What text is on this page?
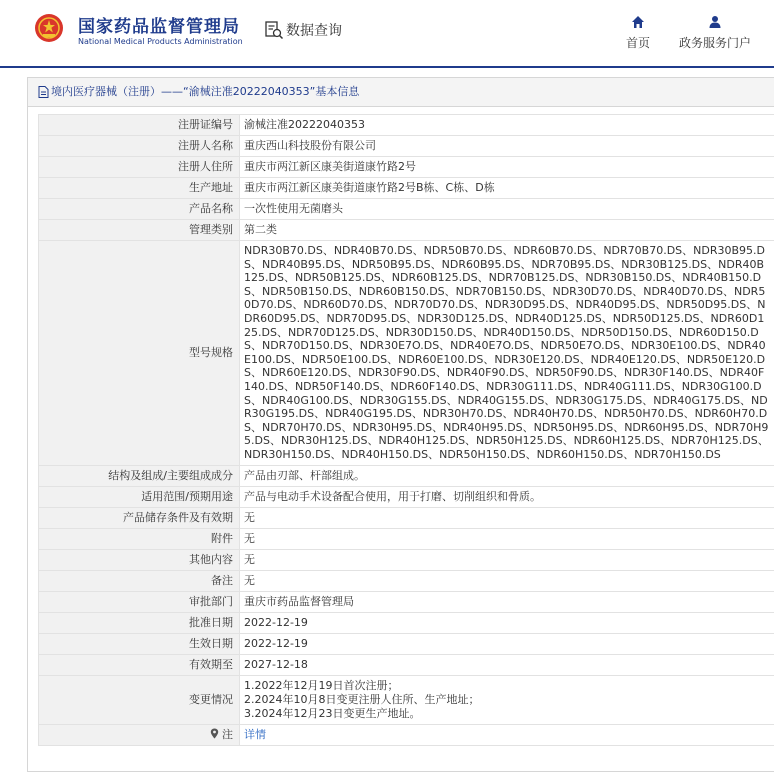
国家药品监督管理局
National Medical Products Administration
数据查询
首页 政务服务门户
境内医疗器械（注册）——“渝械注准20222040353”基本信息
注册证编号	渝械注准20222040353
注册人名称	重庆西山科技股份有限公司
注册人住所	重庆市两江新区康美街道康竹路2号
生产地址	重庆市两江新区康美街道康竹路2号B栋、C栋、D栋
产品名称	一次性使用无菌磨头
管理类别	第二类
型号规格	NDR30B70.DS、NDR40B70.DS、NDR50B70.DS、NDR60B70.DS、NDR70B70.DS、NDR30B95.DS、NDR40B95.DS、NDR50B95.DS、NDR60B95.DS、NDR70B95.DS、NDR30B125.DS、NDR40B125.DS、NDR50B125.DS、NDR60B125.DS、NDR70B125.DS、NDR30B150.DS、NDR40B150.DS、NDR50B150.DS、NDR60B150.DS、NDR70B150.DS、NDR30D70.DS、NDR40D70.DS、NDR50D70.DS、NDR60D70.DS、NDR70D70.DS、NDR30D95.DS、NDR40D95.DS、NDR50D95.DS、NDR60D95.DS、NDR70D95.DS、NDR30D125.DS、NDR40D125.DS、NDR50D125.DS、NDR60D125.DS、NDR70D125.DS、NDR30D150.DS、NDR40D150.DS、NDR50D150.DS、NDR60D150.DS、NDR70D150.DS、NDR30E7O.DS、NDR40E7O.DS、NDR50E7O.DS、NDR30E100.DS、NDR40E100.DS、NDR50E100.DS、NDR60E100.DS、NDR30E120.DS、NDR40E120.DS、NDR50E120.DS、NDR60E120.DS、NDR30F90.DS、NDR40F90.DS、NDR50F90.DS、NDR30F140.DS、NDR40F140.DS、NDR50F140.DS、NDR60F140.DS、NDR30G111.DS、NDR40G111.DS、NDR30G100.DS、NDR40G100.DS、NDR30G155.DS、NDR40G155.DS、NDR30G175.DS、NDR40G175.DS、NDR30G195.DS、NDR40G195.DS、NDR30H70.DS、NDR40H70.DS、NDR50H70.DS、NDR60H70.DS、NDR70H70.DS、NDR30H95.DS、NDR40H95.DS、NDR50H95.DS、NDR60H95.DS、NDR70H95.DS、NDR30H125.DS、NDR40H125.DS、NDR50H125.DS、NDR60H125.DS、NDR70H125.DS、NDR30H150.DS、NDR40H150.DS、NDR50H150.DS、NDR60H150.DS、NDR70H150.DS
结构及组成/主要组成成分	产品由刃部、杆部组成。
适用范围/预期用途	产品与电动手术设备配合使用，用于打磨、切削组织和骨质。
产品储存条件及有效期	无
附件	无
其他内容	无
备注	无
审批部门	重庆市药品监督管理局
批准日期	2022-12-19
生效日期	2022-12-19
有效期至	2027-12-18
变更情况	1.2022年12月19日首次注册；
2.2024年10月8日变更注册人住所、生产地址；
3.2024年12月23日变更生产地址。

注	详情
